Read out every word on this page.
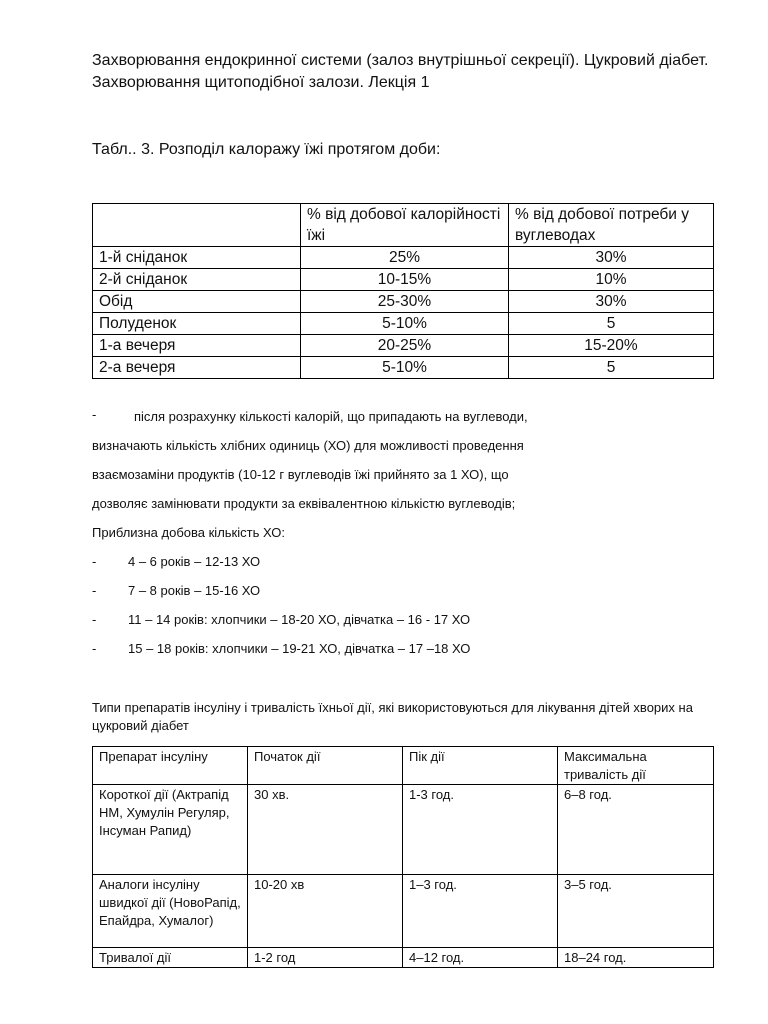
Захворювання ендокринної системи (залоз внутрішньої секреції). Цукровий діабет. Захворювання щитоподібної залози. Лекція 1

Табл.. 3. Розподіл калоражу їжі протягом доби:

	% від добової калорійності їжі	% від добової потреби у вуглеводах
1-й сніданок	25%	30%
2-й сніданок	10-15%	10%
Обід	25-30%	30%
Полуденок	5-10%	5
1-а вечеря	20-25%	15-20%
2-а вечеря	5-10%	5
-	після розрахунку кількості калорій, що припадають на вуглеводи,

визначають кількість хлібних одиниць (ХО) для можливості проведення

взаємозаміни продуктів (10-12 г вуглеводів їжі прийнято за 1 ХО), що

дозволяє замінювати продукти за еквівалентною кількістю вуглеводів;

Приблизна добова кількість ХО:

- 4 – 6 років – 12-13 ХО
- 7 – 8 років – 15-16 ХО
- 11 – 14 років: хлопчики – 18-20 ХО, дівчатка – 16 - 17 ХО
- 15 – 18 років: хлопчики – 19-21 ХО, дівчатка – 17 –18 ХО

Типи препаратів інсуліну і тривалість їхньої дії, які використовуються для лікування дітей хворих на цукровий діабет

Препарат інсуліну	Початок дії	Пік дії	Максимальна тривалість дії
Короткої дії (Актрапід НМ, Хумулін Регуляр, Інсуман Рапид)	30 хв.	1-3 год.	6–8 год.
Аналоги інсуліну швидкої дії (НовоРапід, Епайдра, Хумалог)	10-20 хв	1–3 год.	3–5 год.
Тривалої дії	1-2 год	4–12 год.	18–24 год.
